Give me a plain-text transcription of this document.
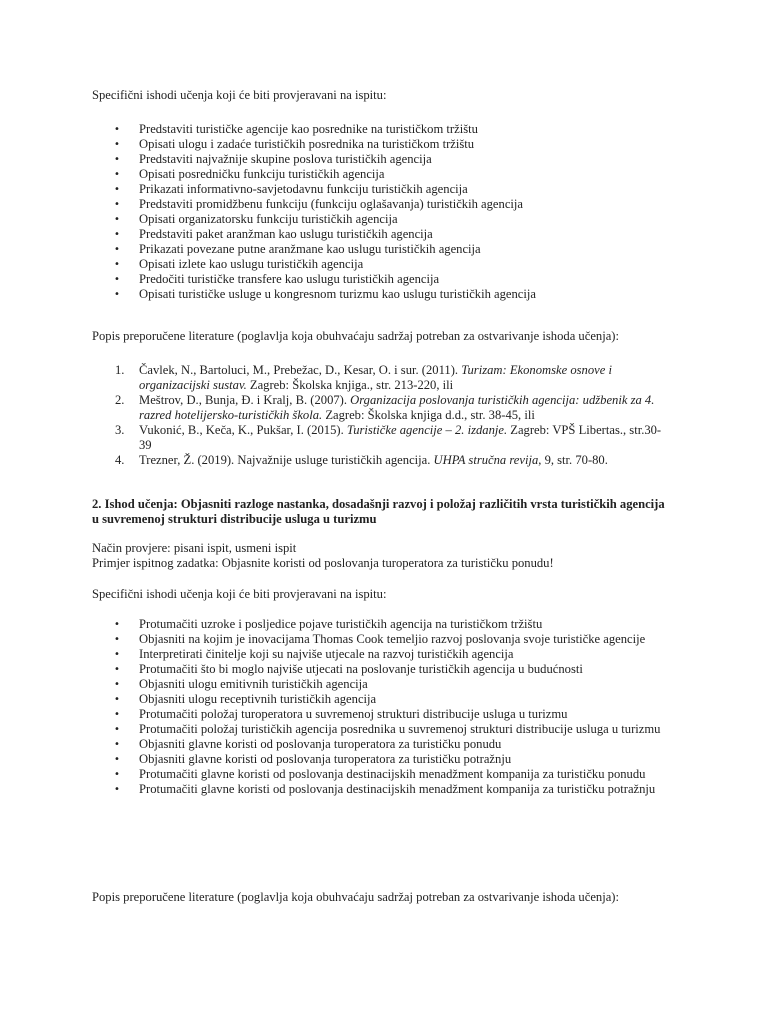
Specifični ishodi učenja koji će biti provjeravani na ispitu:

• Predstaviti turističke agencije kao posrednike na turističkom tržištu
• Opisati ulogu i zadaće turističkih posrednika na turističkom tržištu
• Predstaviti najvažnije skupine poslova turističkih agencija
• Opisati posredničku funkciju turističkih agencija
• Prikazati informativno-savjetodavnu funkciju turističkih agencija
• Predstaviti promidžbenu funkciju (funkciju oglašavanja) turističkih agencija
• Opisati organizatorsku funkciju turističkih agencija
• Predstaviti paket aranžman kao uslugu turističkih agencija
• Prikazati povezane putne aranžmane kao uslugu turističkih agencija
• Opisati izlete kao uslugu turističkih agencija
• Predočiti turističke transfere kao uslugu turističkih agencija
• Opisati turističke usluge u kongresnom turizmu kao uslugu turističkih agencija

Popis preporučene literature (poglavlja koja obuhvaćaju sadržaj potreban za ostvarivanje ishoda učenja):

1. Čavlek, N., Bartoluci, M., Prebežac, D., Kesar, O. i sur. (2011). Turizam: Ekonomske osnove i organizacijski sustav. Zagreb: Školska knjiga., str. 213-220, ili
2. Meštrov, D., Bunja, Đ. i Kralj, B. (2007). Organizacija poslovanja turističkih agencija: udžbenik za 4. razred hotelijersko-turističkih škola. Zagreb: Školska knjiga d.d., str. 38-45, ili
3. Vukonić, B., Keča, K., Pukšar, I. (2015). Turističke agencije – 2. izdanje. Zagreb: VPŠ Libertas., str.30-39
4. Trezner, Ž. (2019). Najvažnije usluge turističkih agencija. UHPA stručna revija, 9, str. 70-80.
2. Ishod učenja: Objasniti razloge nastanka, dosadašnji razvoj i položaj različitih vrsta turističkih agencija u suvremenoj strukturi distribucije usluga u turizmu

Način provjere: pisani ispit, usmeni ispit

Primjer ispitnog zadatka: Objasnite koristi od poslovanja turoperatora za turističku ponudu!

Specifični ishodi učenja koji će biti provjeravani na ispitu:

• Protumačiti uzroke i posljedice pojave turističkih agencija na turističkom tržištu
• Objasniti na kojim je inovacijama Thomas Cook temeljio razvoj poslovanja svoje turističke agencije
• Interpretirati činitelje koji su najviše utjecale na razvoj turističkih agencija
• Protumačiti što bi moglo najviše utjecati na poslovanje turističkih agencija u budućnosti
• Objasniti ulogu emitivnih turističkih agencija
• Objasniti ulogu receptivnih turističkih agencija
• Protumačiti položaj turoperatora u suvremenoj strukturi distribucije usluga u turizmu
• Protumačiti položaj turističkih agencija posrednika u suvremenoj strukturi distribucije usluga u turizmu
• Objasniti glavne koristi od poslovanja turoperatora za turističku ponudu
• Objasniti glavne koristi od poslovanja turoperatora za turističku potražnju
• Protumačiti glavne koristi od poslovanja destinacijskih menadžment kompanija za turističku ponudu
• Protumačiti glavne koristi od poslovanja destinacijskih menadžment kompanija za turističku potražnju

Popis preporučene literature (poglavlja koja obuhvaćaju sadržaj potreban za ostvarivanje ishoda učenja):
